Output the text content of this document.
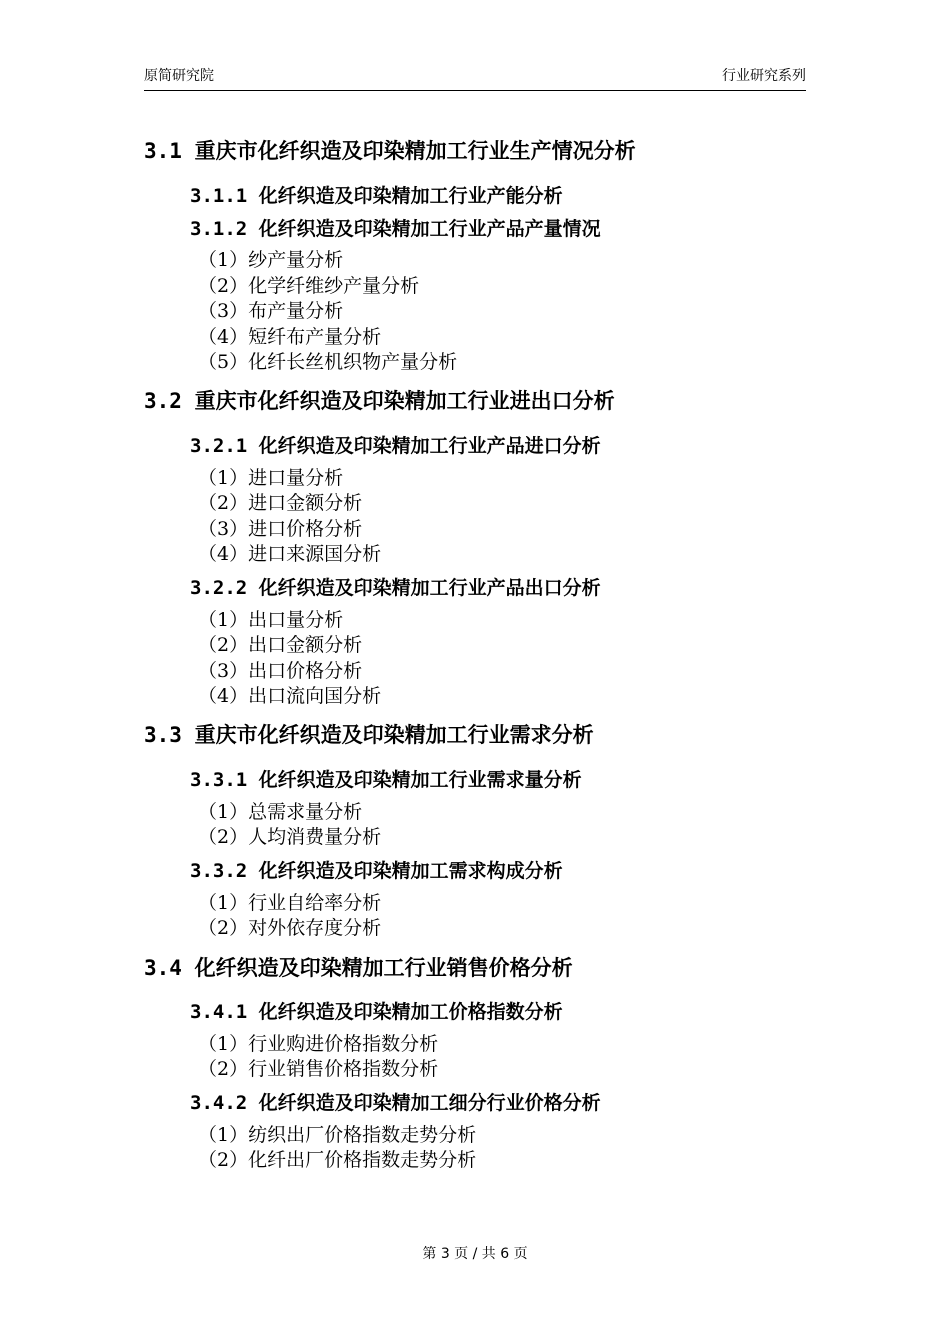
原简研究院	行业研究系列
3.1 重庆市化纤织造及印染精加工行业生产情况分析
3.1.1 化纤织造及印染精加工行业产能分析
3.1.2 化纤织造及印染精加工行业产品产量情况
（1）纱产量分析
（2）化学纤维纱产量分析
（3）布产量分析
（4）短纤布产量分析
（5）化纤长丝机织物产量分析
3.2 重庆市化纤织造及印染精加工行业进出口分析
3.2.1 化纤织造及印染精加工行业产品进口分析
（1）进口量分析
（2）进口金额分析
（3）进口价格分析
（4）进口来源国分析
3.2.2 化纤织造及印染精加工行业产品出口分析
（1）出口量分析
（2）出口金额分析
（3）出口价格分析
（4）出口流向国分析
3.3 重庆市化纤织造及印染精加工行业需求分析
3.3.1 化纤织造及印染精加工行业需求量分析
（1）总需求量分析
（2）人均消费量分析
3.3.2 化纤织造及印染精加工需求构成分析
（1）行业自给率分析
（2）对外依存度分析
3.4 化纤织造及印染精加工行业销售价格分析
3.4.1 化纤织造及印染精加工价格指数分析
（1）行业购进价格指数分析
（2）行业销售价格指数分析
3.4.2 化纤织造及印染精加工细分行业价格分析
（1）纺织出厂价格指数走势分析
（2）化纤出厂价格指数走势分析
第 3 页 / 共 6 页
